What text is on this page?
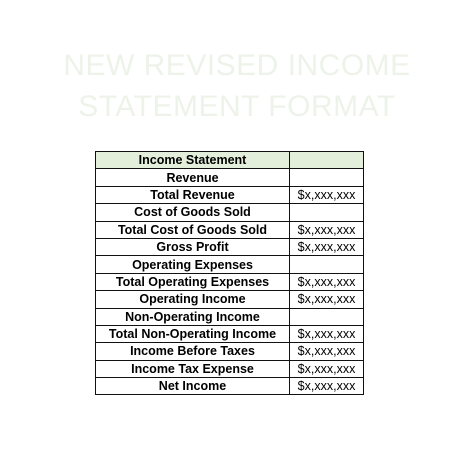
NEW REVISED INCOME
STATEMENT FORMAT
Income Statement	
Revenue	
Total Revenue	$x,xxx,xxx
Cost of Goods Sold	
Total Cost of Goods Sold	$x,xxx,xxx
Gross Profit	$x,xxx,xxx
Operating Expenses	
Total Operating Expenses	$x,xxx,xxx
Operating Income	$x,xxx,xxx
Non-Operating Income	
Total Non-Operating Income	$x,xxx,xxx
Income Before Taxes	$x,xxx,xxx
Income Tax Expense	$x,xxx,xxx
Net Income	$x,xxx,xxx
